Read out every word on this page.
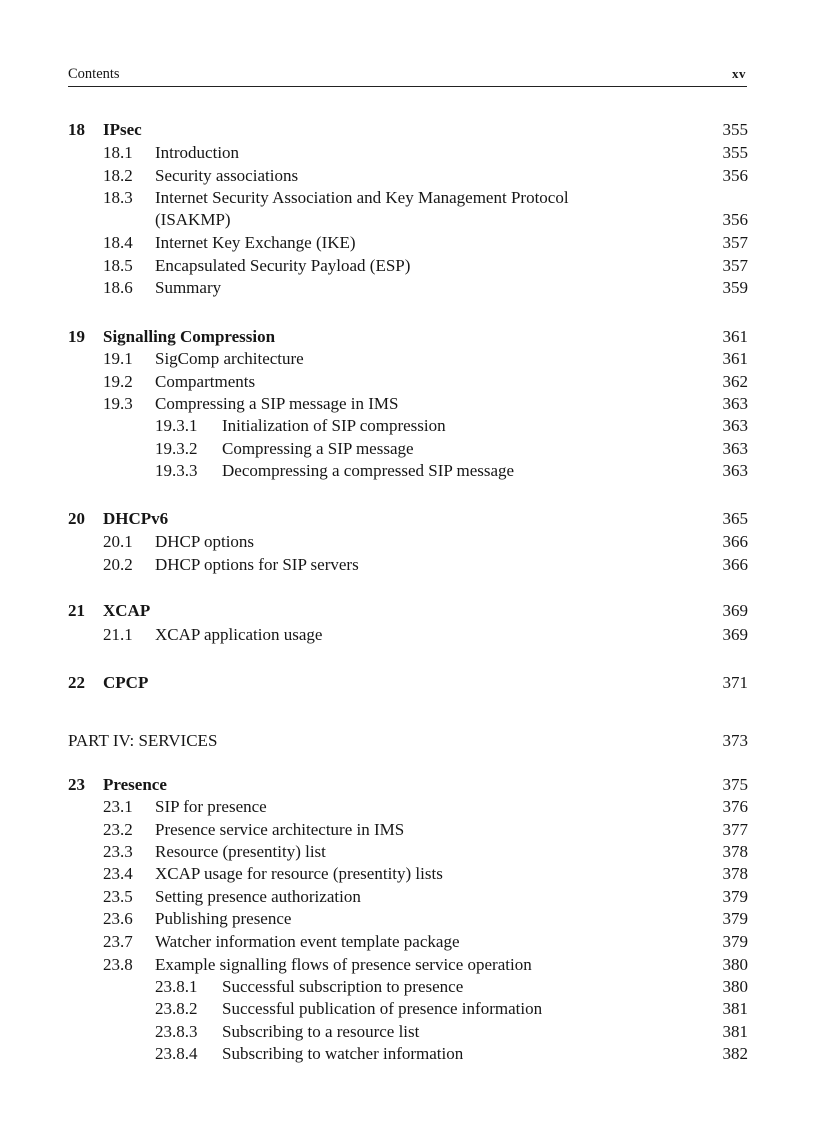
Contents	xv
18 IPsec	355
18.1 Introduction	355
18.2 Security associations	356
18.3 Internet Security Association and Key Management Protocol
(ISAKMP)	356
18.4 Internet Key Exchange (IKE)	357
18.5 Encapsulated Security Payload (ESP)	357
18.6 Summary	359
19 Signalling Compression	361
19.1 SigComp architecture	361
19.2 Compartments	362
19.3 Compressing a SIP message in IMS	363
19.3.1 Initialization of SIP compression	363
19.3.2 Compressing a SIP message	363
19.3.3 Decompressing a compressed SIP message	363
20 DHCPv6	365
20.1 DHCP options	366
20.2 DHCP options for SIP servers	366
21 XCAP	369
21.1 XCAP application usage	369
22 CPCP	371
PART IV: SERVICES	373
23 Presence	375
23.1 SIP for presence	376
23.2 Presence service architecture in IMS	377
23.3 Resource (presentity) list	378
23.4 XCAP usage for resource (presentity) lists	378
23.5 Setting presence authorization	379
23.6 Publishing presence	379
23.7 Watcher information event template package	379
23.8 Example signalling flows of presence service operation	380
23.8.1 Successful subscription to presence	380
23.8.2 Successful publication of presence information	381
23.8.3 Subscribing to a resource list	381
23.8.4 Subscribing to watcher information	382
